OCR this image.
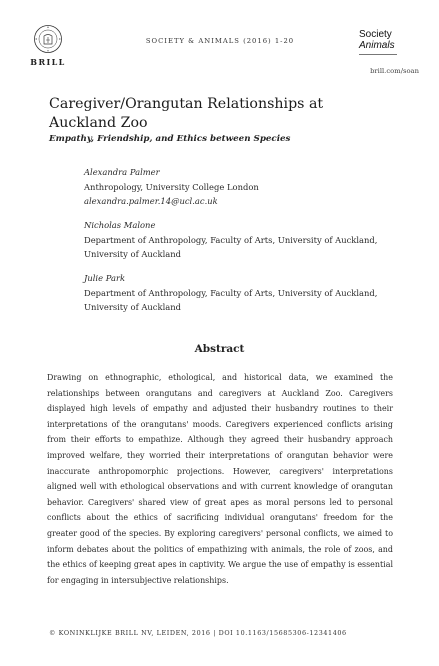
BRILL
SOCIETY & ANIMALS (2016) 1-20
Society
Animals
brill.com/soan
Caregiver/Orangutan Relationships at Auckland Zoo
Empathy, Friendship, and Ethics between Species
Alexandra Palmer
Anthropology, University College London
alexandra.palmer.14@ucl.ac.uk
Nicholas Malone
Department of Anthropology, Faculty of Arts, University of Auckland,
University of Auckland
Julie Park
Department of Anthropology, Faculty of Arts, University of Auckland,
University of Auckland
Abstract
Drawing on ethnographic, ethological, and historical data, we examined the relationships between orangutans and caregivers at Auckland Zoo. Caregivers displayed high levels of empathy and adjusted their husbandry routines to their interpretations of the orangutans' moods. Caregivers experienced conflicts arising from their efforts to empathize. Although they agreed their husbandry approach improved welfare, they worried their interpretations of orangutan behavior were inaccurate anthropomorphic projections. However, caregivers' interpretations aligned well with ethological observations and with current knowledge of orangutan behavior. Caregivers' shared view of great apes as moral persons led to personal conflicts about the ethics of sacrificing individual orangutans' freedom for the greater good of the species. By exploring caregivers' personal conflicts, we aimed to inform debates about the politics of empathizing with animals, the role of zoos, and the ethics of keeping great apes in captivity. We argue the use of empathy is essential for engaging in intersubjective relationships.
© KONINKLIJKE BRILL NV, LEIDEN, 2016 | DOI 10.1163/15685306-12341406
